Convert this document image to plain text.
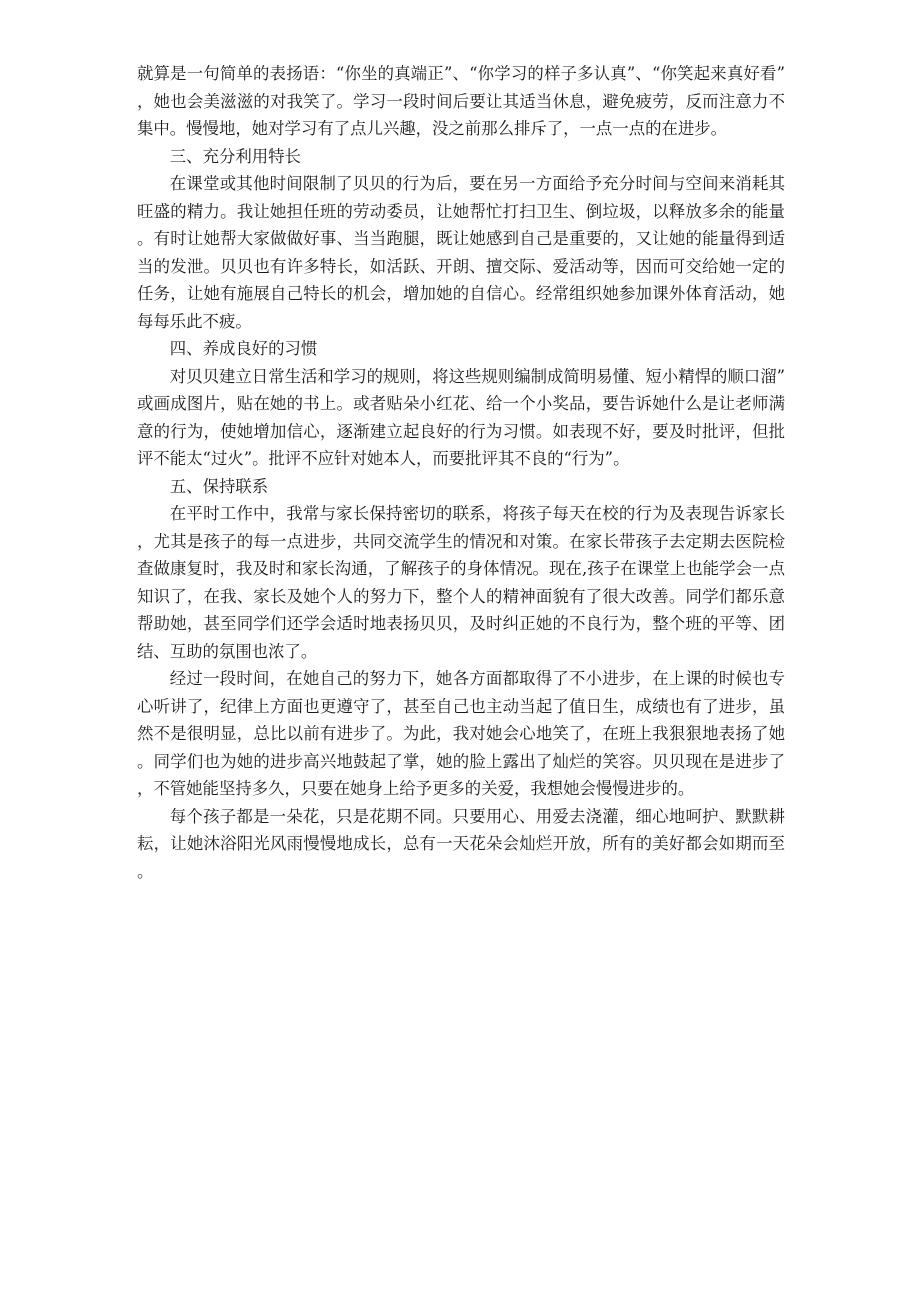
就算是一句简单的表扬语：“你坐的真端正”、“你学习的样子多认真”、“你笑起来真好看”，她也会美滋滋的对我笑了。学习一段时间后要让其适当休息，避免疲劳，反而注意力不集中。慢慢地，她对学习有了点儿兴趣，没之前那么排斥了，一点一点的在进步。

三、充分利用特长

在课堂或其他时间限制了贝贝的行为后，要在另一方面给予充分时间与空间来消耗其旺盛的精力。我让她担任班的劳动委员，让她帮忙打扫卫生、倒垃圾，以释放多余的能量。有时让她帮大家做做好事、当当跑腿，既让她感到自己是重要的，又让她的能量得到适当的发泄。贝贝也有许多特长，如活跃、开朗、擅交际、爱活动等，因而可交给她一定的任务，让她有施展自己特长的机会，增加她的自信心。经常组织她参加课外体育活动，她每每乐此不疲。

四、养成良好的习惯

对贝贝建立日常生活和学习的规则，将这些规则编制成简明易懂、短小精悍的顺口溜”或画成图片，贴在她的书上。或者贴朵小红花、给一个小奖品，要告诉她什么是让老师满意的行为，使她增加信心，逐渐建立起良好的行为习惯。如表现不好，要及时批评，但批评不能太“过火”。批评不应针对她本人，而要批评其不良的“行为”。

五、保持联系

在平时工作中，我常与家长保持密切的联系，将孩子每天在校的行为及表现告诉家长，尤其是孩子的每一点进步，共同交流学生的情况和对策。在家长带孩子去定期去医院检查做康复时，我及时和家长沟通，了解孩子的身体情况。现在,孩子在课堂上也能学会一点知识了，在我、家长及她个人的努力下，整个人的精神面貌有了很大改善。同学们都乐意帮助她，甚至同学们还学会适时地表扬贝贝，及时纠正她的不良行为，整个班的平等、团结、互助的氛围也浓了。

经过一段时间，在她自己的努力下，她各方面都取得了不小进步，在上课的时候也专心听讲了，纪律上方面也更遵守了，甚至自己也主动当起了值日生，成绩也有了进步，虽然不是很明显，总比以前有进步了。为此，我对她会心地笑了，在班上我狠狠地表扬了她。同学们也为她的进步高兴地鼓起了掌，她的脸上露出了灿烂的笑容。贝贝现在是进步了，不管她能坚持多久，只要在她身上给予更多的关爱，我想她会慢慢进步的。

每个孩子都是一朵花，只是花期不同。只要用心、用爱去浇灌，细心地呵护、默默耕耘，让她沐浴阳光风雨慢慢地成长，总有一天花朵会灿烂开放，所有的美好都会如期而至。
